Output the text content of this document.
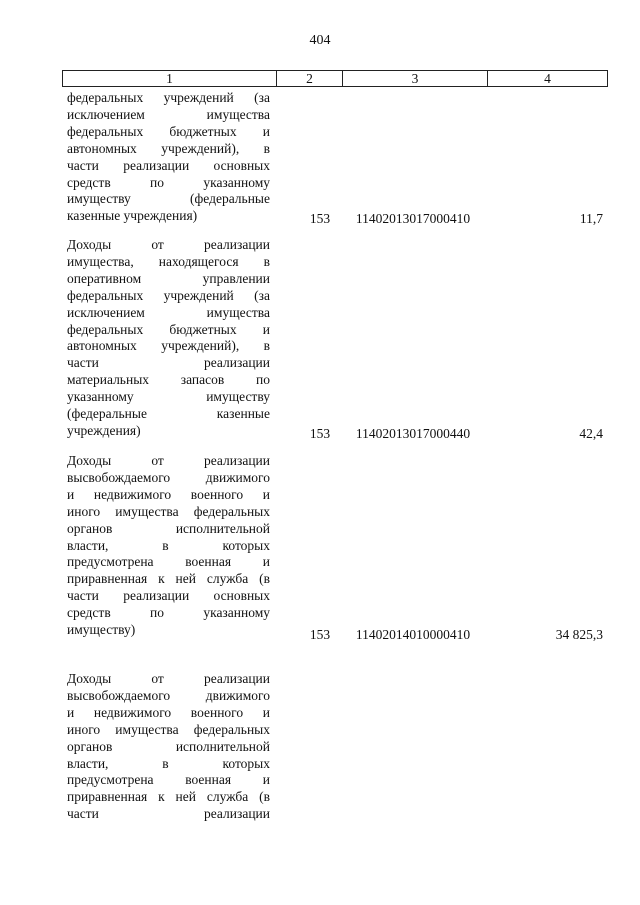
404
1	2	3	4
федеральных учреждений (за
исключением имущества
федеральных бюджетных и
автономных учреждений), в
части реализации основных
средств по указанному
имуществу (федеральные
казенные учреждения)	153	11402013017000410	11,7
Доходы от реализации
имущества, находящегося в
оперативном управлении
федеральных учреждений (за
исключением имущества
федеральных бюджетных и
автономных учреждений), в
части реализации
материальных запасов по
указанному имуществу
(федеральные казенные
учреждения)	153	11402013017000440	42,4
Доходы от реализации
высвобождаемого движимого
и недвижимого военного и
иного имущества федеральных
органов исполнительной
власти, в которых
предусмотрена военная и
приравненная к ней служба (в
части реализации основных
средств по указанному
имуществу)	153	11402014010000410	34 825,3
Доходы от реализации
высвобождаемого движимого
и недвижимого военного и
иного имущества федеральных
органов исполнительной
власти, в которых
предусмотрена военная и
приравненная к ней служба (в
части реализации
